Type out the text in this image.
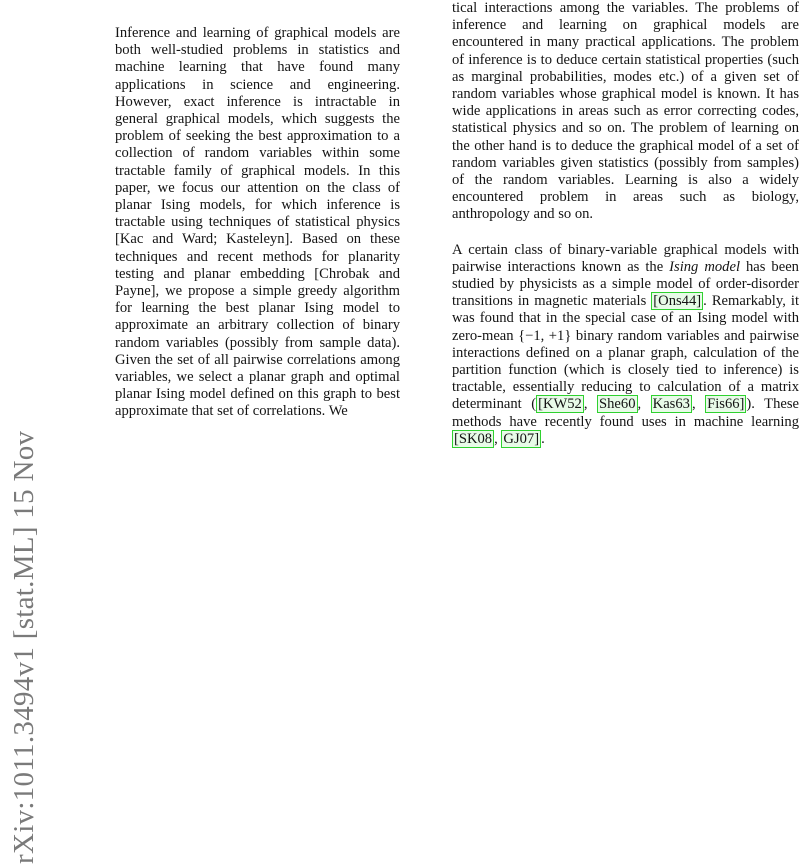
rXiv:1011.3494v1 [stat.ML] 15 Nov

Inference and learning of graphical models are both well-studied problems in statistics and machine learning that have found many applications in science and engineering. However, exact inference is intractable in general graphical models, which suggests the problem of seeking the best approximation to a collection of random variables within some tractable family of graphical models. In this paper, we focus our attention on the class of planar Ising models, for which inference is tractable using techniques of statistical physics [Kac and Ward; Kasteleyn]. Based on these techniques and recent methods for planarity testing and planar embedding [Chrobak and Payne], we propose a simple greedy algorithm for learning the best planar Ising model to approximate an arbitrary collection of binary random variables (possibly from sample data). Given the set of all pairwise correlations among variables, we select a planar graph and optimal planar Ising model defined on this graph to best approximate that set of correlations. We

tical interactions among the variables. The problems of inference and learning on graphical models are encountered in many practical applications. The problem of inference is to deduce certain statistical properties (such as marginal probabilities, modes etc.) of a given set of random variables whose graphical model is known. It has wide applications in areas such as error correcting codes, statistical physics and so on. The problem of learning on the other hand is to deduce the graphical model of a set of random variables given statistics (possibly from samples) of the random variables. Learning is also a widely encountered problem in areas such as biology, anthropology and so on.

A certain class of binary-variable graphical models with pairwise interactions known as the Ising model has been studied by physicists as a simple model of order-disorder transitions in magnetic materials [Ons44] . Remarkably, it was found that in the special case of an Ising model with zero-mean {−1, +1} binary random variables and pairwise interactions defined on a planar graph, calculation of the partition function (which is closely tied to inference) is tractable, essentially reducing to calculation of a matrix determinant ( [KW52 , She60 , Kas63 , Fis66] ). These methods have recently found uses in machine learning [SK08 , GJ07] .
